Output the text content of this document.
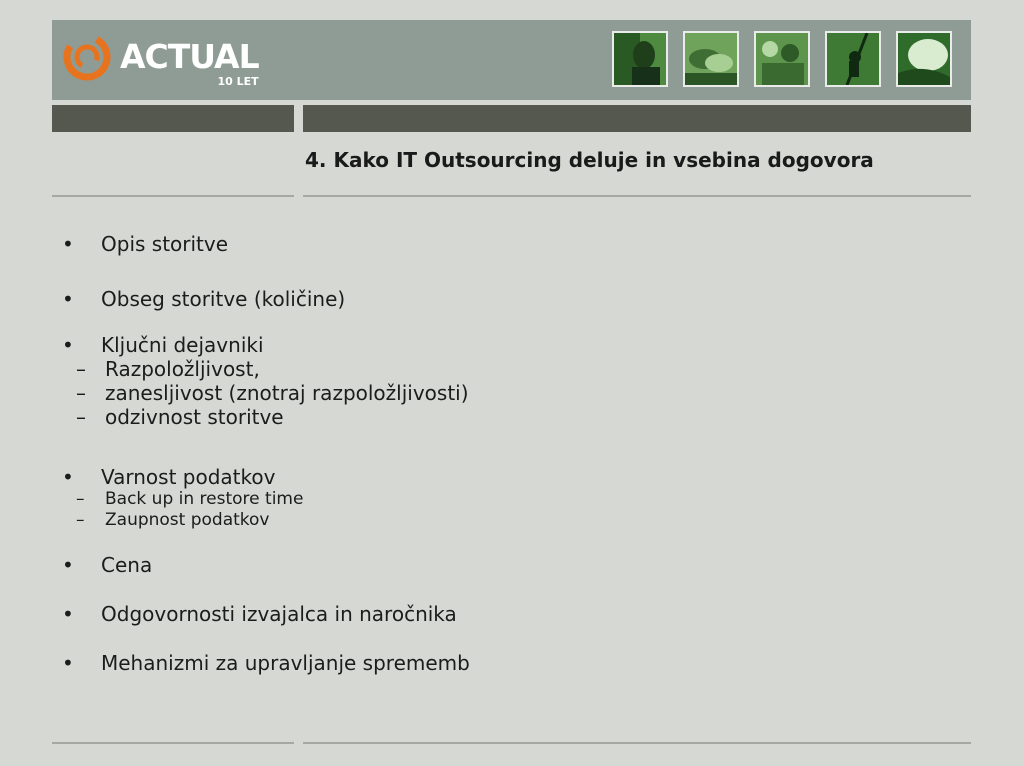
ACTUAL
10 LET
4. Kako IT Outsourcing deluje in vsebina dogovora
• Opis storitve
• Obseg storitve (količine)
• Ključni dejavniki
– Razpoložljivost,
– zanesljivost (znotraj razpoložljivosti)
– odzivnost storitve
• Varnost podatkov
– Back up in restore time
– Zaupnost podatkov
• Cena
• Odgovornosti izvajalca in naročnika
• Mehanizmi za upravljanje sprememb
